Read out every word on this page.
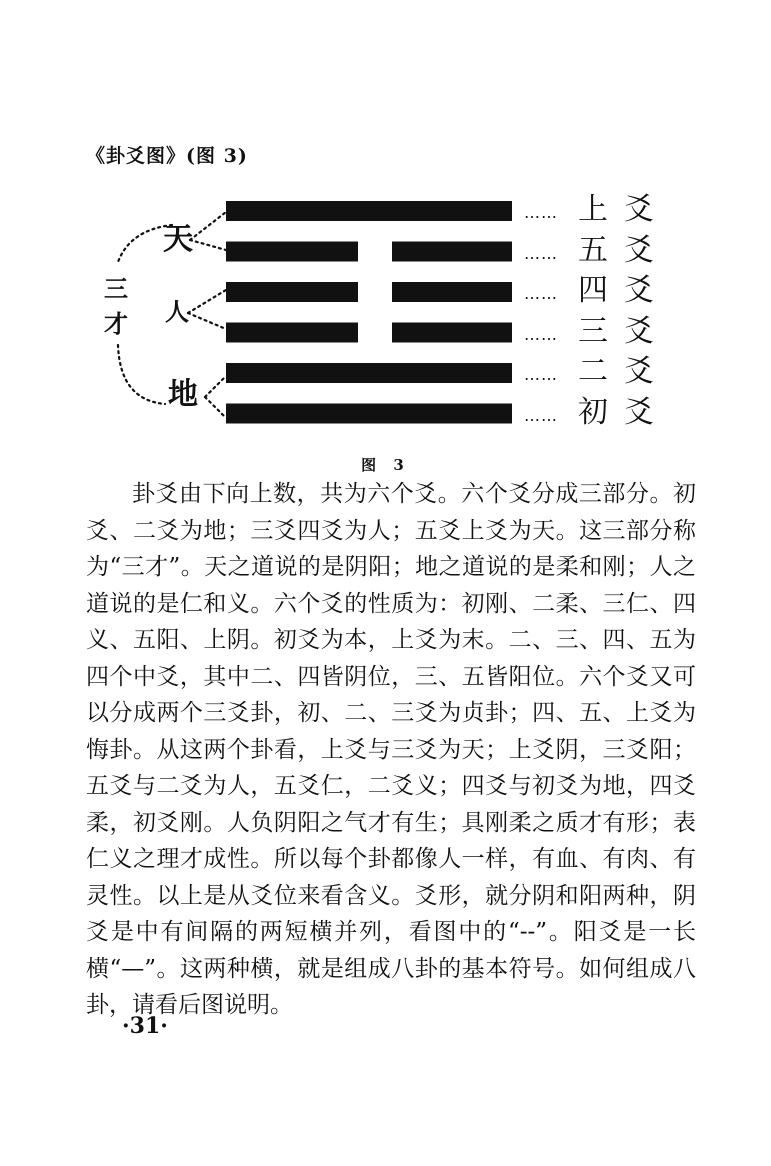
《卦爻图》(图 3)
三
才
天
人
地
…… 上 爻
…… 五 爻
…… 四 爻
…… 三 爻
…… 二 爻
…… 初 爻
图 3

卦爻由下向上数，共为六个爻。六个爻分成三部分。初爻、二爻为地；三爻四爻为人；五爻上爻为天。这三部分称为“三才”。天之道说的是阴阳；地之道说的是柔和刚；人之道说的是仁和义。六个爻的性质为：初刚、二柔、三仁、四义、五阳、上阴。初爻为本，上爻为末。二、三、四、五为四个中爻，其中二、四皆阴位，三、五皆阳位。六个爻又可以分成两个三爻卦，初、二、三爻为贞卦；四、五、上爻为悔卦。从这两个卦看，上爻与三爻为天；上爻阴，三爻阳；五爻与二爻为人，五爻仁，二爻义；四爻与初爻为地，四爻柔，初爻刚。人负阴阳之气才有生；具刚柔之质才有形；表仁义之理才成性。所以每个卦都像人一样，有血、有肉、有灵性。以上是从爻位来看含义。爻形，就分阴和阳两种，阴爻是中有间隔的两短横并列，看图中的“--”。阳爻是一长横“—”。这两种横，就是组成八卦的基本符号。如何组成八卦，请看后图说明。

·31·
